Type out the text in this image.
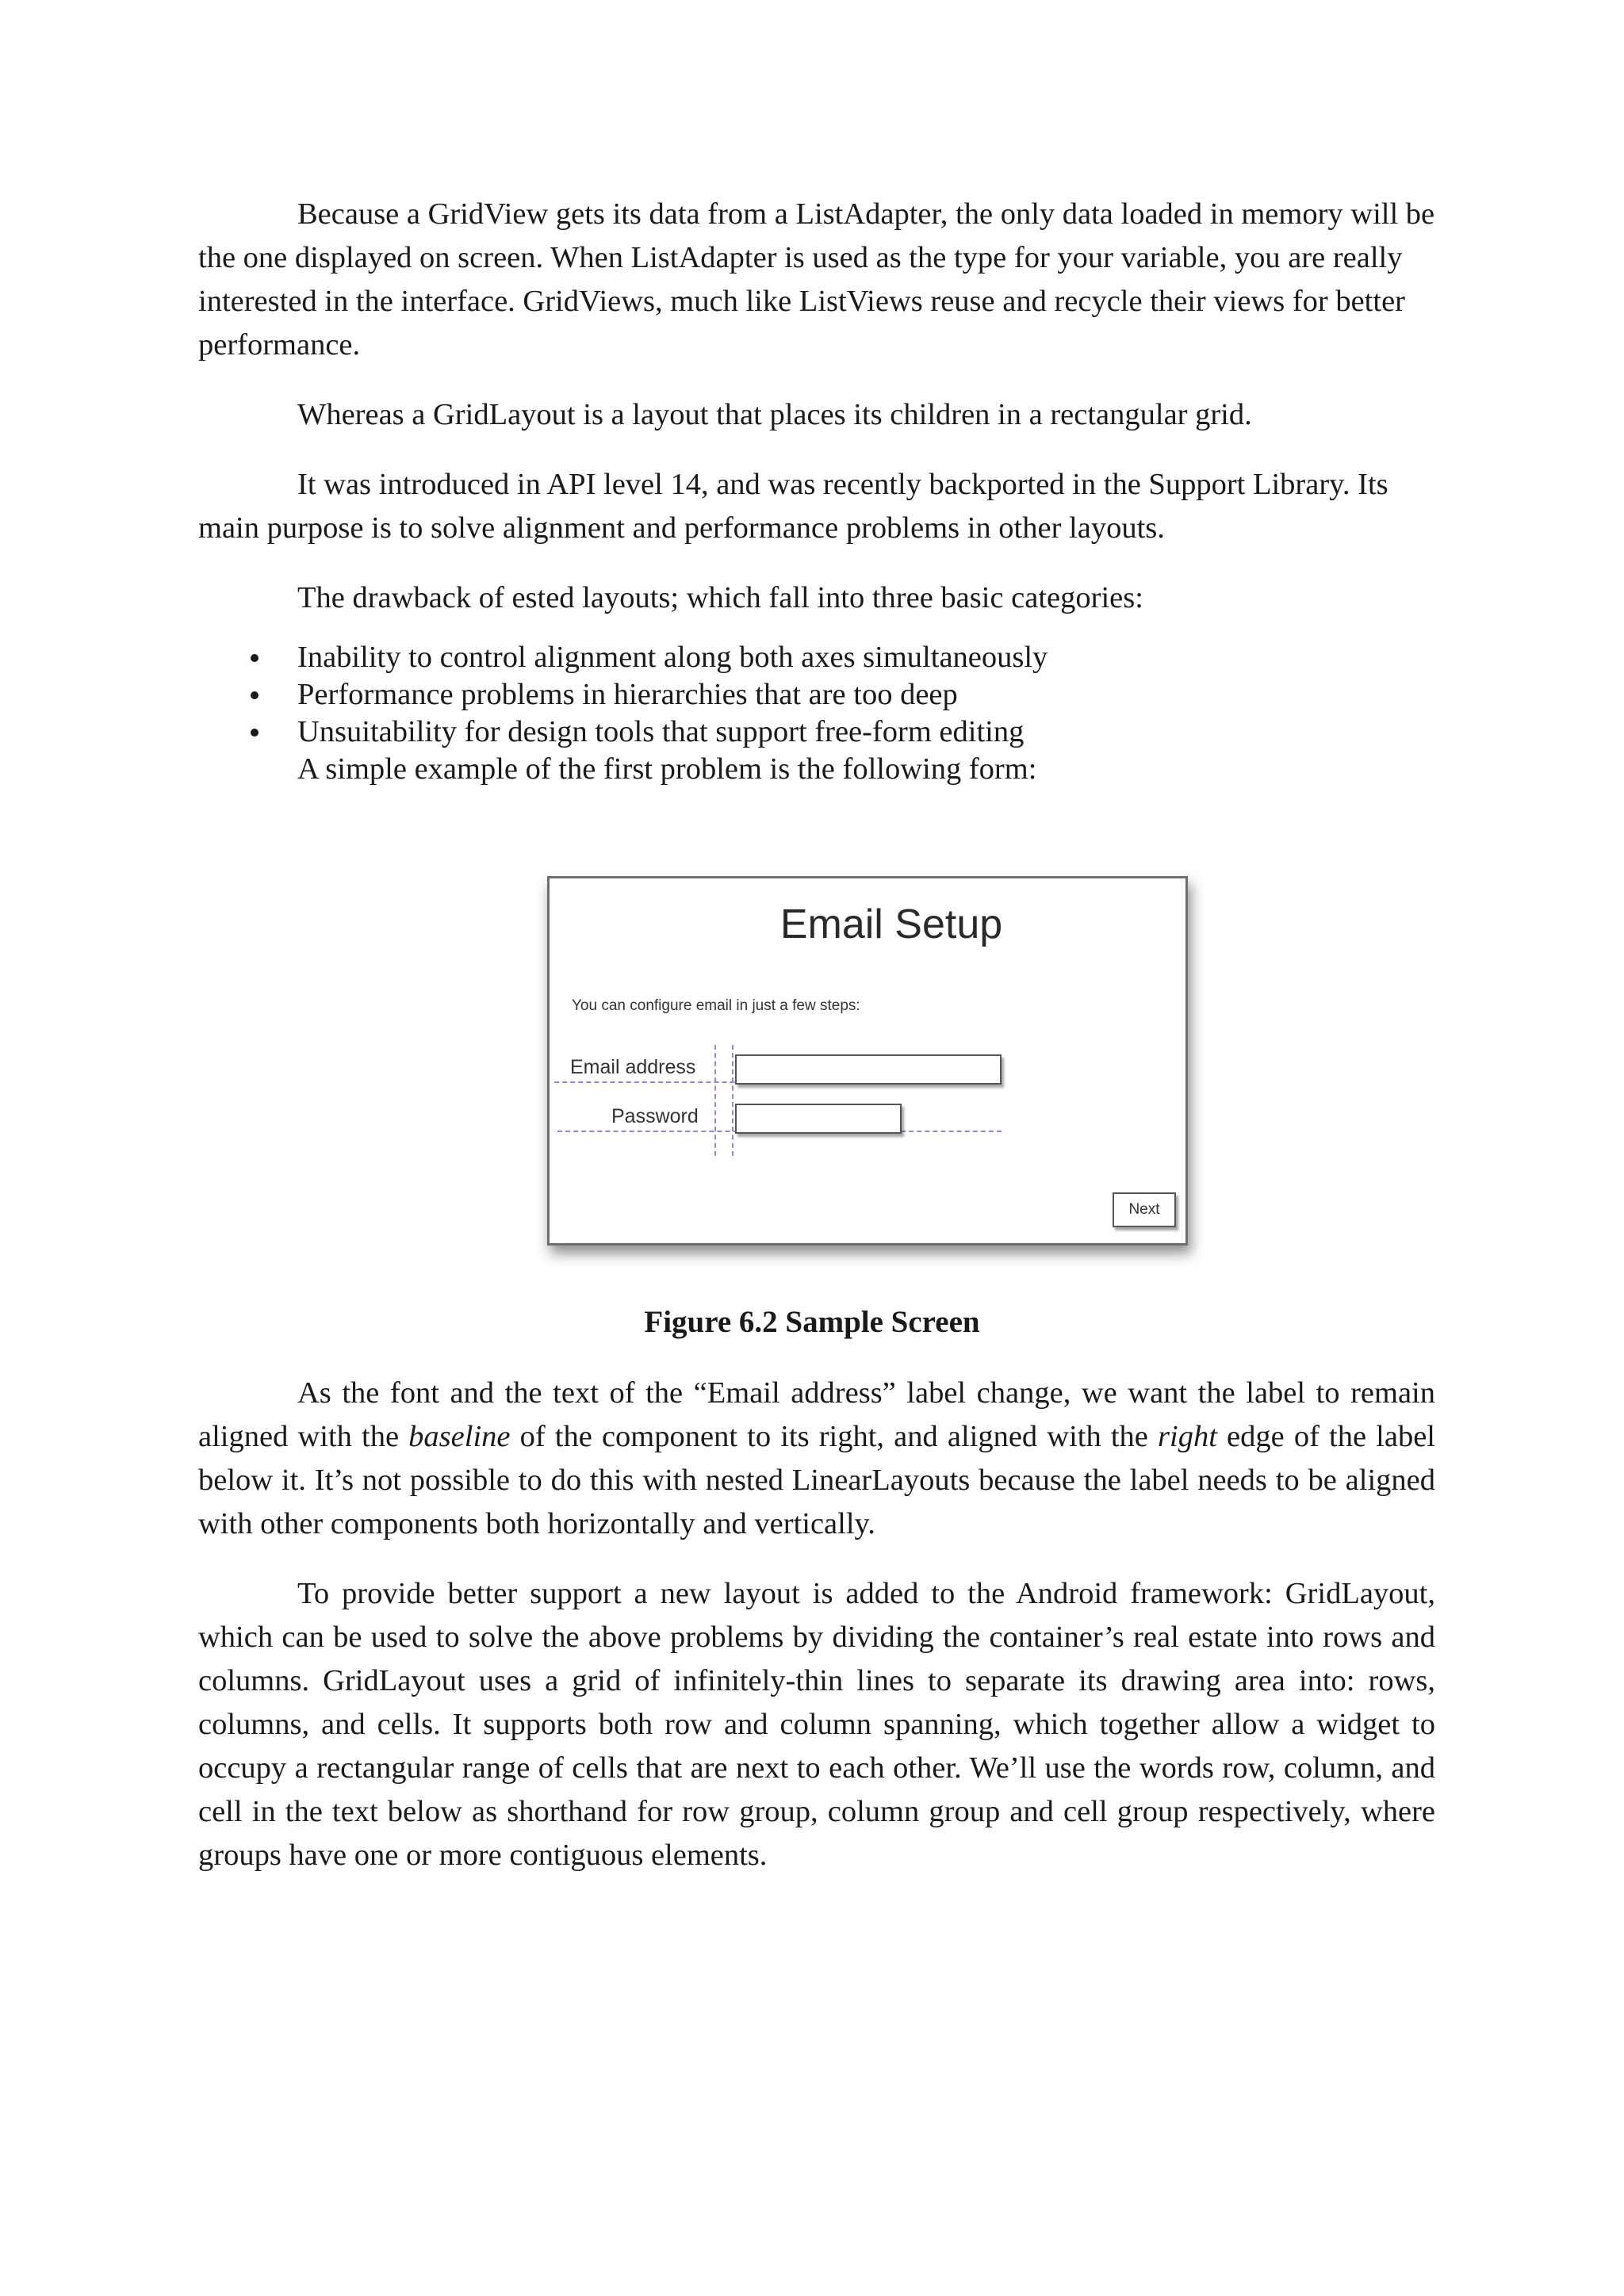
Because a GridView gets its data from a ListAdapter, the only data loaded in memory will be the one displayed on screen. When ListAdapter is used as the type for your variable, you are really interested in the interface. GridViews, much like ListViews reuse and recycle their views for better performance.

Whereas a GridLayout is a layout that places its children in a rectangular grid.

It was introduced in API level 14, and was recently backported in the Support Library. Its main purpose is to solve alignment and performance problems in other layouts.

The drawback of ested layouts; which fall into three basic categories:

Inability to control alignment along both axes simultaneously
Performance problems in hierarchies that are too deep
Unsuitability for design tools that support free-form editing
A simple example of the first problem is the following form:
Email Setup
You can configure email in just a few steps:
Email address
Password
Next
Figure 6.2 Sample Screen

As the font and the text of the “Email address” label change, we want the label to remain aligned with the baseline of the component to its right, and aligned with the right edge of the label below it. It’s not possible to do this with nested LinearLayouts because the label needs to be aligned with other components both horizontally and vertically.

To provide better support a new layout is added to the Android framework: GridLayout, which can be used to solve the above problems by dividing the container’s real estate into rows and columns. GridLayout uses a grid of infinitely-thin lines to separate its drawing area into: rows, columns, and cells. It supports both row and column spanning, which together allow a widget to occupy a rectangular range of cells that are next to each other. We’ll use the words row, column, and cell in the text below as shorthand for row group, column group and cell group respectively, where groups have one or more contiguous elements.
